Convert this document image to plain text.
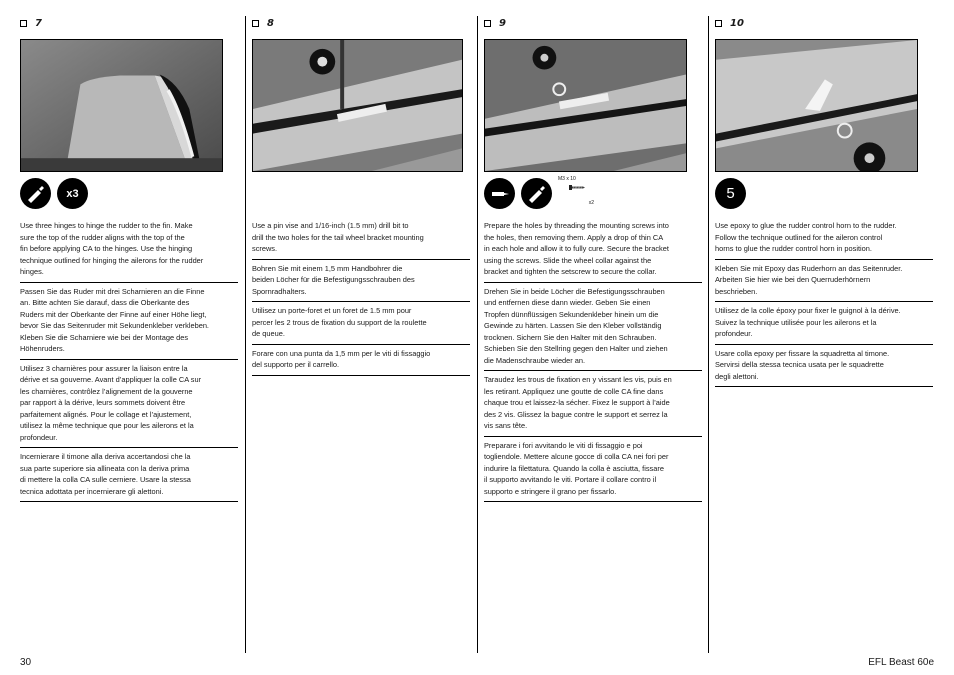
7
x3

Use three hinges to hinge the rudder to the fin. Make
sure the top of the rudder aligns with the top of the
fin before applying CA to the hinges. Use the hinging
technique outlined for hinging the ailerons for the rudder
hinges.

Passen Sie das Ruder mit drei Scharnieren an die Finne
an. Bitte achten Sie darauf, dass die Oberkante des
Ruders mit der Oberkante der Finne auf einer Höhe liegt,
bevor Sie das Seitenruder mit Sekundenkleber verkleben.
Kleben Sie die Scharniere wie bei der Montage des
Höhenruders.

Utilisez 3 charnières pour assurer la liaison entre la
dérive et sa gouverne. Avant d’appliquer la colle CA sur
les charnières, contrôlez l’alignement de la gouverne
par rapport à la dérive, leurs sommets doivent être
parfaitement alignés. Pour le collage et l’ajustement,
utilisez la même technique que pour les ailerons et la
profondeur.

Incernierare il timone alla deriva accertandosi che la
sua parte superiore sia allineata con la deriva prima
di mettere la colla CA sulle cerniere. Usare la stessa
tecnica adottata per incernierare gli alettoni.

8

Use a pin vise and 1/16-inch (1.5 mm) drill bit to
drill the two holes for the tail wheel bracket mounting
screws.

Bohren Sie mit einem 1,5 mm Handbohrer die
beiden Löcher für die Befestigungsschrauben des
Spornradhalters.

Utilisez un porte-foret et un foret de 1.5 mm pour
percer les 2 trous de fixation du support de la roulette
de queue.

Forare con una punta da 1,5 mm per le viti di fissaggio
del supporto per il carrello.

9
M3 x 10
x2

Prepare the holes by threading the mounting screws into
the holes, then removing them. Apply a drop of thin CA
in each hole and allow it to fully cure. Secure the bracket
using the screws. Slide the wheel collar against the
bracket and tighten the setscrew to secure the collar.

Drehen Sie in beide Löcher die Befestigungsschrauben
und entfernen diese dann wieder. Geben Sie einen
Tropfen dünnflüssigen Sekundenkleber hinein um die
Gewinde zu härten. Lassen Sie den Kleber vollständig
trocknen. Sichern Sie den Halter mit den Schrauben.
Schieben Sie den Stellring gegen den Halter und ziehen
die Madenschraube wieder an.

Taraudez les trous de fixation en y vissant les vis, puis en
les retirant. Appliquez une goutte de colle CA fine dans
chaque trou et laissez-la sécher. Fixez le support à l’aide
des 2 vis. Glissez la bague contre le support et serrez la
vis sans tête.

Preparare i fori avvitando le viti di fissaggio e poi
togliendole. Mettere alcune gocce di colla CA nei fori per
indurire la filettatura. Quando la colla è asciutta, fissare
il supporto avvitando le viti. Portare il collare contro il
supporto e stringere il grano per fissarlo.

10
5

Use epoxy to glue the rudder control horn to the rudder.
Follow the technique outlined for the aileron control
horns to glue the rudder control horn in position.

Kleben Sie mit Epoxy das Ruderhorn an das Seitenruder.
Arbeiten Sie hier wie bei den Querruderhörnern
beschrieben.

Utilisez de la colle époxy pour fixer le guignol à la dérive.
Suivez la technique utilisée pour les ailerons et la
profondeur.

Usare colla epoxy per fissare la squadretta al timone.
Servirsi della stessa tecnica usata per le squadrette
degli alettoni.

30	EFL Beast 60e
